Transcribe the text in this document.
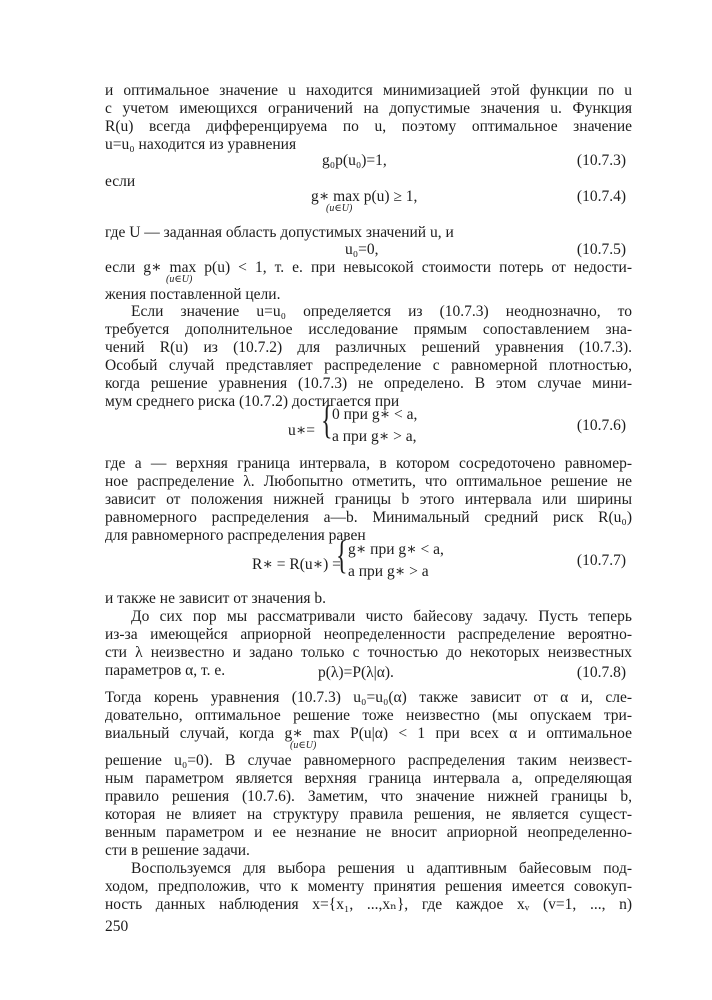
и оптимальное значение u находится минимизацией этой функции по u
с учетом имеющихся ограничений на допустимые значения u. Функция
R(u) всегда дифференцируема по u, поэтому оптимальное значение
u=u₀ находится из уравнения
g₀p(u₀)=1,	(10.7.3)
если
g∗ max p(u) ≥ 1,
(u∈U)
(10.7.4)
где U — заданная область допустимых значений u, и
u₀=0,	(10.7.5)
если g∗ max p(u) < 1, т. е. при невысокой стоимости потерь от недости-
(u∈U)
жения поставленной цели.
Если значение u=u₀ определяется из (10.7.3) неоднозначно, то
требуется дополнительное исследование прямым сопоставлением зна-
чений R(u) из (10.7.2) для различных решений уравнения (10.7.3).
Особый случай представляет распределение с равномерной плотностью,
когда решение уравнения (10.7.3) не определено. В этом случае мини-
мум среднего риска (10.7.2) достигается при
u∗= { 0 при g∗ < a,
a при g∗ > a,
(10.7.6)
где a — верхняя граница интервала, в котором сосредоточено равномер-
ное распределение λ. Любопытно отметить, что оптимальное решение не
зависит от положения нижней границы b этого интервала или ширины
равномерного распределения a—b. Минимальный средний риск R(u₀)
для равномерного распределения равен
R∗ = R(u∗) =
{ g∗ при g∗ < a,
a при g∗ > a
(10.7.7)
и также не зависит от значения b.
До сих пор мы рассматривали чисто байесову задачу. Пусть теперь
из-за имеющейся априорной неопределенности распределение вероятно-
сти λ неизвестно и задано только с точностью до некоторых неизвестных
параметров α, т. е.	p(λ)=P(λ|α).	(10.7.8)
Тогда корень уравнения (10.7.3) u₀=u₀(α) также зависит от α и, сле-
довательно, оптимальное решение тоже неизвестно (мы опускаем три-
виальный случай, когда g∗ max P(u|α) < 1 при всех α и оптимальное
(u∈U)
решение u₀=0). В случае равномерного распределения таким неизвест-
ным параметром является верхняя граница интервала a, определяющая
правило решения (10.7.6). Заметим, что значение нижней границы b,
которая не влияет на структуру правила решения, не является сущест-
венным параметром и ее незнание не вносит априорной неопределенно-
сти в решение задачи.
Воспользуемся для выбора решения u адаптивным байесовым под-
ходом, предположив, что к моменту принятия решения имеется совокуп-
ность данных наблюдения x={x₁, ...,xₙ}, где каждое xᵥ (v=1, ..., n)
250
